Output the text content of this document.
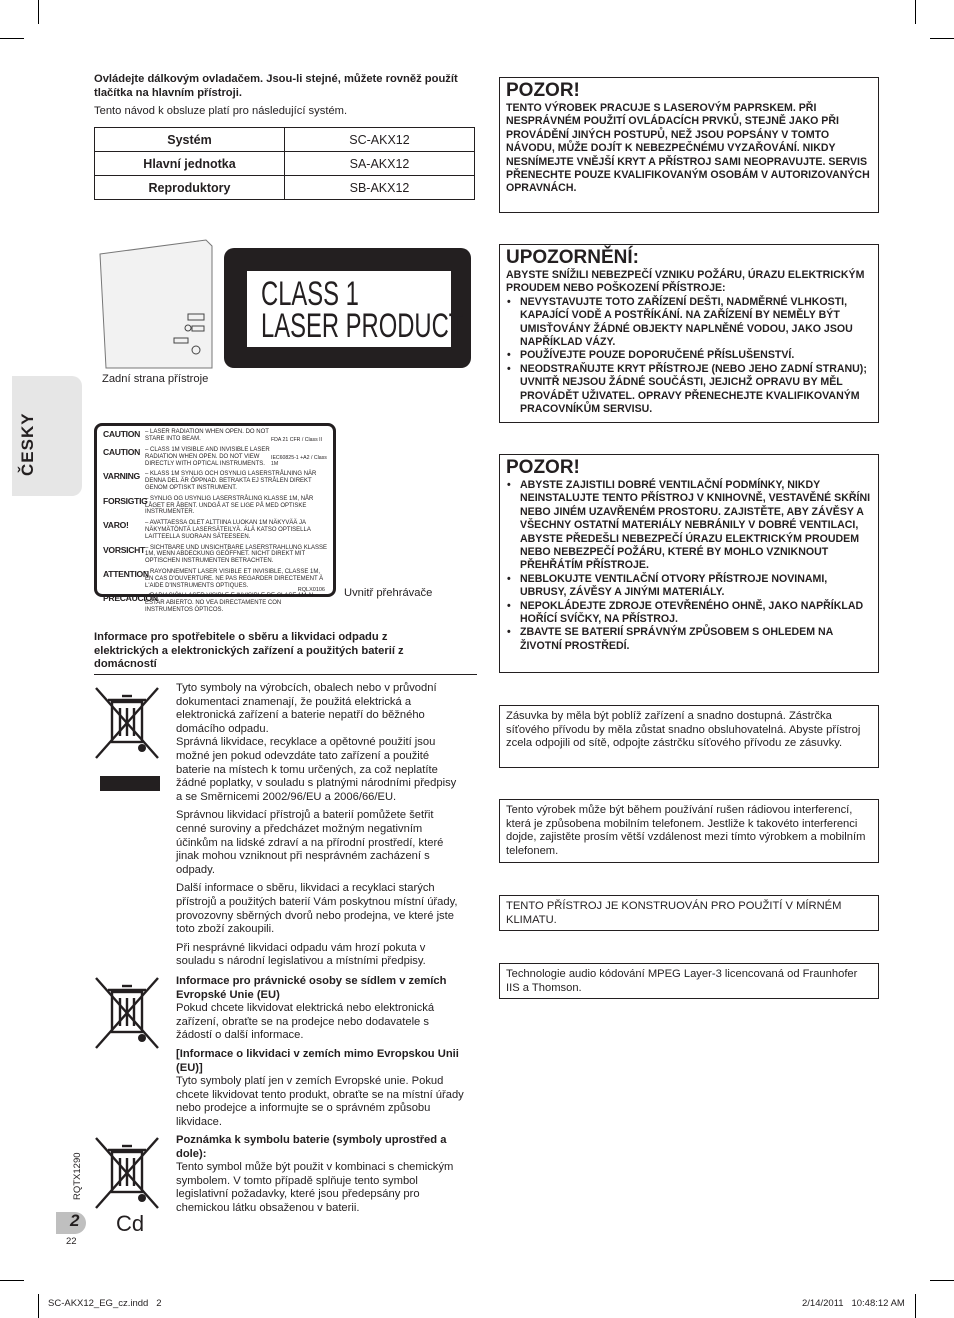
ČESKY
Ovládejte dálkovým ovladačem. Jsou-li stejné, můžete rovněž použít tlačítka na hlavním přístroji.
Tento návod k obsluze platí pro následující systém.
Systém	SC-AKX12
Hlavní jednotka	SA-AKX12
Reproduktory	SB-AKX12
Zadní strana přístroje
CLASS 1
LASER PRODUCT
CAUTION – LASER RADIATION WHEN OPEN. DO NOT STARE INTO BEAM.	FDA 21 CFR / Class II
CAUTION – CLASS 1M VISIBLE AND INVISIBLE LASER RADIATION WHEN OPEN. DO NOT VIEW DIRECTLY WITH OPTICAL INSTRUMENTS.
IEC60825-1 +A2 / Class 1M
VARNING – KLASS 1M SYNLIG OCH OSYNLIG LASERSTRÅLNING NÄR DENNA DEL ÄR ÖPPNAD. BETRAKTA EJ STRÅLEN DIREKT GENOM OPTISKT INSTRUMENT.
FORSIGTIG
– SYNLIG OG USYNLIG LASERSTRÅLING KLASSE 1M, NÅR LÅGET ER ÅBENT. UNDGÅ AT SE LIGE PÅ MED OPTISKE INSTRUMENTER.
VARO!	– AVATTAESSA OLET ALTTIINA LUOKAN 1M NÄKYVÄÄ JA NÄKYMÄTÖNTÄ LASERSÄTEILYÄ. ÄLÄ KATSO OPTISELLA LAITTEELLA SUORAAN SÄTEESEEN.
VORSICHT – SICHTBARE UND UNSICHTBARE LASERSTRAHLUNG KLASSE 1M, WENN ABDECKUNG GEÖFFNET. NICHT DIREKT MIT OPTISCHEN INSTRUMENTEN BETRACHTEN.
ATTENTION
– RAYONNEMENT LASER VISIBLE ET INVISIBLE, CLASSE 1M, EN CAS D'OUVERTURE. NE PAS REGARDER DIRECTEMENT À L'AIDE D'INSTRUMENTS OPTIQUES.
PRECAUCIÓN
– RADIACIÓN LASER VISIBLE E INVISIBLE DE CLASE 1M AL ESTAR ABIERTO. NO VEA DIRECTAMENTE CON INSTRUMENTOS ÓPTICOS.
RQLX0106 Uvnitř přehrávače
Informace pro spotřebitele o sběru a likvidaci odpadu z elektrických a elektronických zařízení a použitých baterií z domácností
Tyto symboly na výrobcích, obalech nebo v průvodní dokumentaci znamenají, že použitá elektrická a elektronická zařízení a baterie nepatří do běžného domácího odpadu.
Správná likvidace, recyklace a opětovné použití jsou možné jen pokud odevzdáte tato zařízení a použité baterie na místech k tomu určených, za což neplatíte žádné poplatky, v souladu s platnými národními předpisy a se Směrnicemi 2002/96/EU a 2006/66/EU.
Správnou likvidací přístrojů a baterií pomůžete šetřit cenné suroviny a předcházet možným negativním účinkům na lidské zdraví a na přírodní prostředí, které jinak mohou vzniknout při nesprávném zacházení s odpady.
Další informace o sběru, likvidaci a recyklaci starých přístrojů a použitých baterií Vám poskytnou místní úřady, provozovny sběrných dvorů nebo prodejna, ve které jste toto zboží zakoupili.
Při nesprávné likvidaci odpadu vám hrozí pokuta v souladu s národní legislativou a místními předpisy.
Informace pro právnické osoby se sídlem v zemích Evropské Unie (EU)
Pokud chcete likvidovat elektrická nebo elektronická zařízení, obraťte se na prodejce nebo dodavatele s žádostí o další informace.
[Informace o likvidaci v zemích mimo Evropskou Unii (EU)]
Tyto symboly platí jen v zemích Evropské unie. Pokud chcete likvidovat tento produkt, obraťte se na místní úřady nebo prodejce a informujte se o správném způsobu likvidace.
Cd
Poznámka k symbolu baterie (symboly uprostřed a dole):
Tento symbol může být použit v kombinaci s chemickým symbolem. V tomto případě splňuje tento symbol legislativní požadavky, které jsou předepsány pro chemickou látku obsaženou v baterii.
POZOR!
TENTO VÝROBEK PRACUJE S LASEROVÝM PAPRSKEM. PŘI NESPRÁVNÉM POUŽITÍ OVLÁDACÍCH PRVKŮ, STEJNĚ JAKO PŘI PROVÁDĚNÍ JINÝCH POSTUPŮ, NEŽ JSOU POPSÁNY V TOMTO NÁVODU, MŮŽE DOJÍT K NEBEZPEČNÉMU VYZAŘOVÁNÍ. NIKDY NESNÍMEJTE VNĚJŠÍ KRYT A PŘÍSTROJ SAMI NEOPRAVUJTE. SERVIS PŘENECHTE POUZE KVALIFIKOVANÝM OSOBÁM V AUTORIZOVANÝCH OPRAVNÁCH.
UPOZORNĚNÍ:
ABYSTE SNÍŽILI NEBEZPEČÍ VZNIKU POŽÁRU, ÚRAZU ELEKTRICKÝM PROUDEM NEBO POŠKOZENÍ PŘÍSTROJE:
• NEVYSTAVUJTE TOTO ZAŘÍZENÍ DEŠTI, NADMĚRNÉ VLHKOSTI, KAPAJÍCÍ VODĚ A POSTŘÍKÁNÍ. NA ZAŘÍZENÍ BY NEMĚLY BÝT UMISŤOVÁNY ŽÁDNÉ OBJEKTY NAPLNĚNÉ VODOU, JAKO JSOU NAPŘÍKLAD VÁZY.
• POUŽÍVEJTE POUZE DOPORUČENÉ PŘÍSLUŠENSTVÍ.
• NEODSTRAŇUJTE KRYT PŘÍSTROJE (NEBO JEHO ZADNÍ STRANU); UVNITŘ NEJSOU ŽÁDNÉ SOUČÁSTI, JEJICHŽ OPRAVU BY MĚL PROVÁDĚT UŽIVATEL. OPRAVY PŘENECHEJTE KVALIFIKOVANÝM PRACOVNÍKŮM SERVISU.
POZOR!
• ABYSTE ZAJISTILI DOBRÉ VENTILAČNÍ PODMÍNKY, NIKDY NEINSTALUJTE TENTO PŘÍSTROJ V KNIHOVNĚ, VESTAVĚNÉ SKŘÍNI NEBO JINÉM UZAVŘENÉM PROSTORU. ZAJISTĚTE, ABY ZÁVĚSY A VŠECHNY OSTATNÍ MATERIÁLY NEBRÁNILY V DOBRÉ VENTILACI, ABYSTE PŘEDEŠLI NEBEZPEČÍ ÚRAZU ELEKTRICKÝM PROUDEM NEBO NEBEZPEČÍ POŽÁRU, KTERÉ BY MOHLO VZNIKNOUT PŘEHŘÁTÍM PŘÍSTROJE.
• NEBLOKUJTE VENTILAČNÍ OTVORY PŘÍSTROJE NOVINAMI, UBRUSY, ZÁVĚSY A JINÝMI MATERIÁLY.
• NEPOKLÁDEJTE ZDROJE OTEVŘENÉHO OHNĚ, JAKO NAPŘÍKLAD HOŘÍCÍ SVÍČKY, NA PŘÍSTROJ.
• ZBAVTE SE BATERIÍ SPRÁVNÝM ZPŮSOBEM S OHLEDEM NA ŽIVOTNÍ PROSTŘEDÍ.
Zásuvka by měla být poblíž zařízení a snadno dostupná. Zástrčka síťového přívodu by měla zůstat snadno obsluhovatelná. Abyste přístroj zcela odpojili od sítě, odpojte zástrčku síťového přívodu ze zásuvky.
Tento výrobek může být během používání rušen rádiovou interferencí, která je způsobena mobilním telefonem. Jestliže k takovéto interferenci dojde, zajistěte prosím větší vzdálenost mezi tímto výrobkem a mobilním telefonem.
TENTO PŘÍSTROJ JE KONSTRUOVÁN PRO POUŽITÍ V MÍRNÉM KLIMATU.
Technologie audio kódování MPEG Layer-3 licencovaná od Fraunhofer IIS a Thomson.
RQTX1290
2
22
SC-AKX12_EG_cz.indd   2	2/14/2011   10:48:12 AM
